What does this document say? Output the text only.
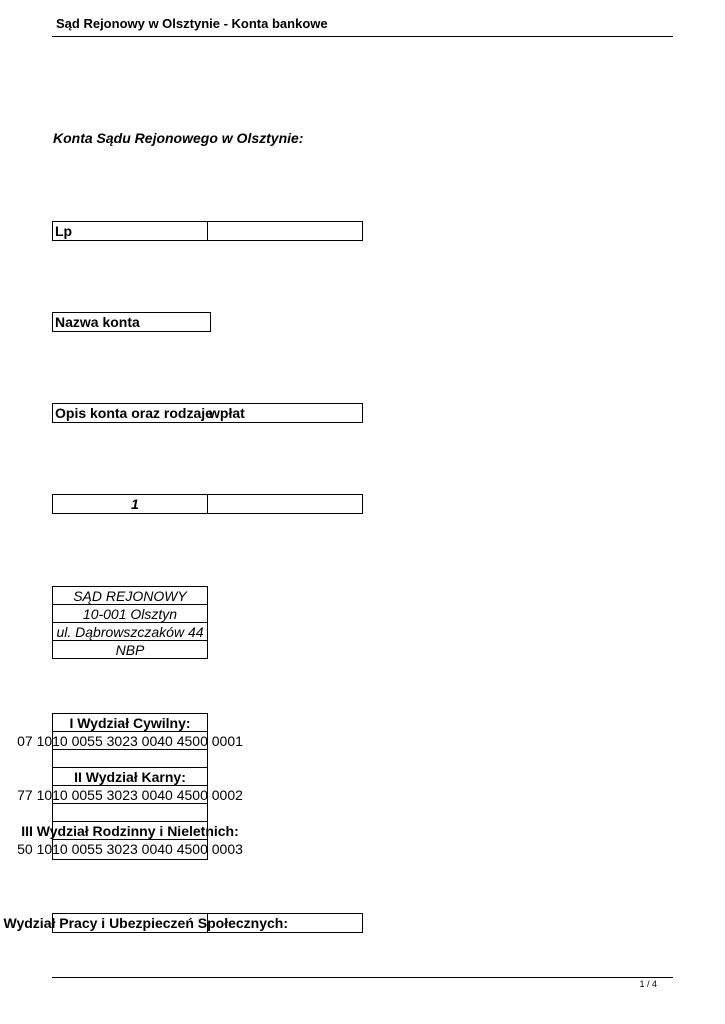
Sąd Rejonowy w Olsztynie - Konta bankowe
Konta Sądu Rejonowego w Olsztynie:
Lp
Nazwa konta
Opis konta oraz rodzaje
wpłat
1
SĄD REJONOWY
10-001 Olsztyn
ul. Dąbrowszczaków 44
NBP
I Wydział Cywilny:
07 1010 0055 3023 0040 4500 0001
II Wydział Karny:
77 1010 0055 3023 0040 4500 0002
III Wydział Rodzinny i Nieletnich:
50 1010 0055 3023 0040 4500 0003
Wydział Pracy i Ubezpieczeń Społecznych:
1 / 4
